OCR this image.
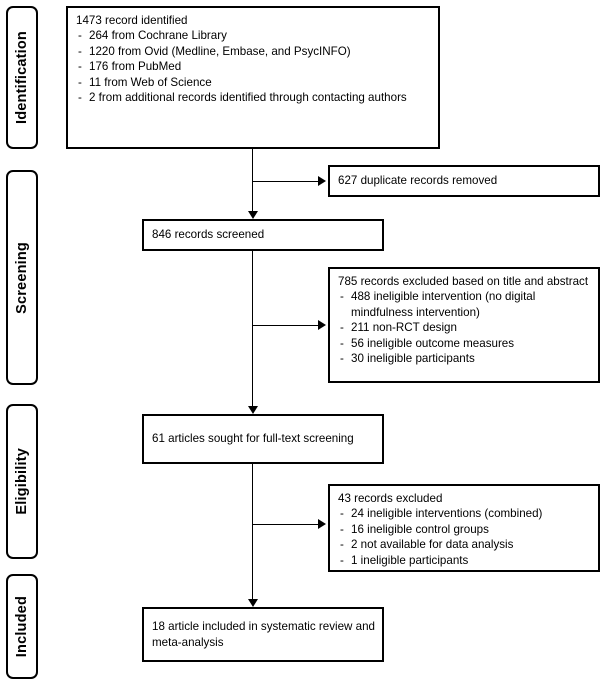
Identification
Screening
Eligibility
Included
1473 record identified
- 264 from Cochrane Library
- 1220 from Ovid (Medline, Embase, and PsycINFO)
- 176 from PubMed
- 11 from Web of Science
- 2 from additional records identified through contacting authors
627 duplicate records removed
846 records screened
785 records excluded based on title and abstract
- 488 ineligible intervention (no digital mindfulness intervention)
- 211 non-RCT design
- 56 ineligible outcome measures
- 30 ineligible participants
61 articles sought for full-text screening
43 records excluded
- 24 ineligible interventions (combined)
- 16 ineligible control groups
- 2 not available for data analysis
- 1 ineligible participants
18 article included in systematic review and meta-analysis
